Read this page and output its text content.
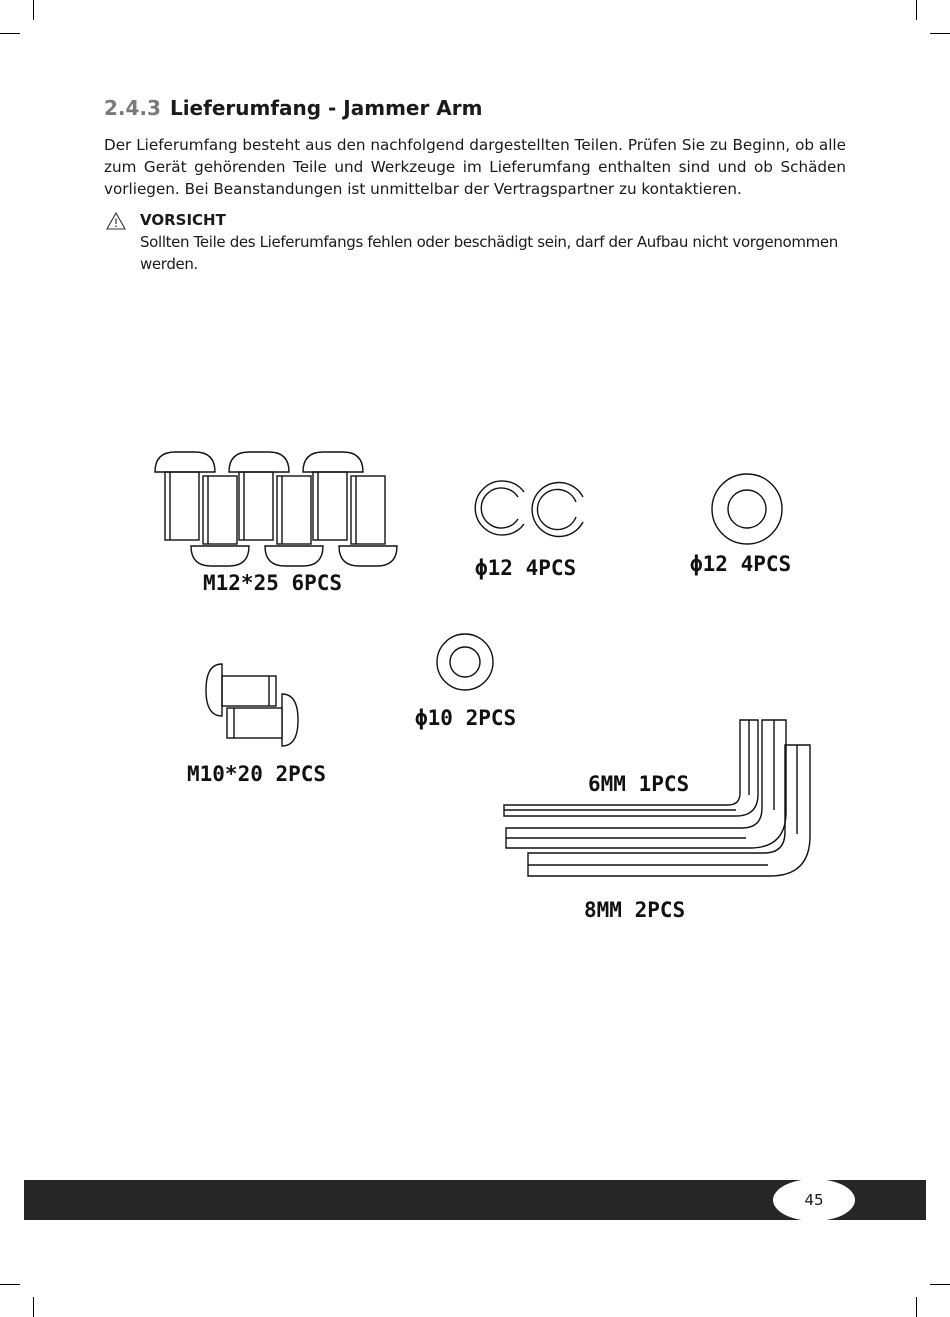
2.4.3 Lieferumfang - Jammer Arm

Der Lieferumfang besteht aus den nachfolgend dargestellten Teilen. Prüfen Sie zu Beginn, ob alle zum Gerät gehörenden Teile und Werkzeuge im Lieferumfang enthalten sind und ob Schäden vorliegen. Bei Beanstandungen ist unmittelbar der Vertragspartner zu kontaktieren.

VORSICHT

Sollten Teile des Lieferumfangs fehlen oder beschädigt sein, darf der Aufbau nicht vorgenommen werden.

M12*25 6PCS
ϕ12 4PCS	ϕ12 4PCS
M10*20 2PCS
ϕ10 2PCS
6MM 1PCS
8MM 2PCS
45
